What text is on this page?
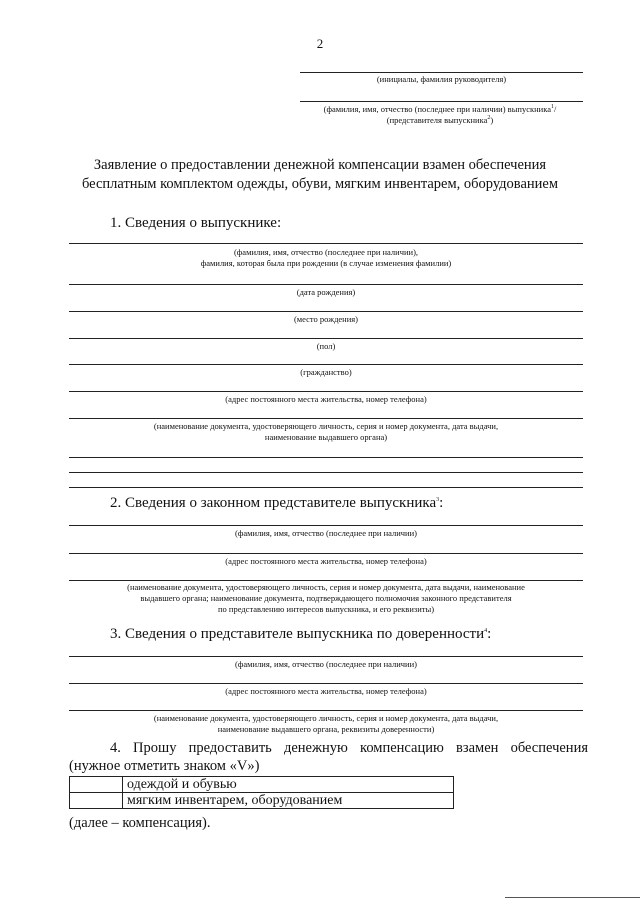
2
(инициалы, фамилия руководителя)
(фамилия, имя, отчество (последнее при наличии) выпускника$^1$/
(представителя выпускника$^2$)
Заявление о предоставлении денежной компенсации взамен обеспечения
бесплатным комплектом одежды, обуви, мягким инвентарем, оборудованием
1. Сведения о выпускнике:
(фамилия, имя, отчество (последнее при наличии),
фамилия, которая была при рождении (в случае изменения фамилии)
(дата рождения)
(место рождения)
(пол)
(гражданство)
(адрес постоянного места жительства, номер телефона)
(наименование документа, удостоверяющего личность, серия и номер документа, дата выдачи,
наименование выдавшего органа)
2. Сведения о законном представителе выпускника$^3$:
(фамилия, имя, отчество (последнее при наличии)
(адрес постоянного места жительства, номер телефона)
(наименование документа, удостоверяющего личность, серия и номер документа, дата выдачи, наименование
выдавшего органа; наименование документа, подтверждающего полномочия законного представителя
по представлению интересов выпускника, и его реквизиты)
3. Сведения о представителе выпускника по доверенности$^4$:
(фамилия, имя, отчество (последнее при наличии)
(адрес постоянного места жительства, номер телефона)
(наименование документа, удостоверяющего личность, серия и номер документа, дата выдачи,
наименование выдавшего органа, реквизиты доверенности)
4. Прошу предоставить денежную компенсацию взамен обеспечения
(нужное отметить знаком «V»)
	одеждой и обувью
	мягким инвентарем, оборудованием
(далее – компенсация).
